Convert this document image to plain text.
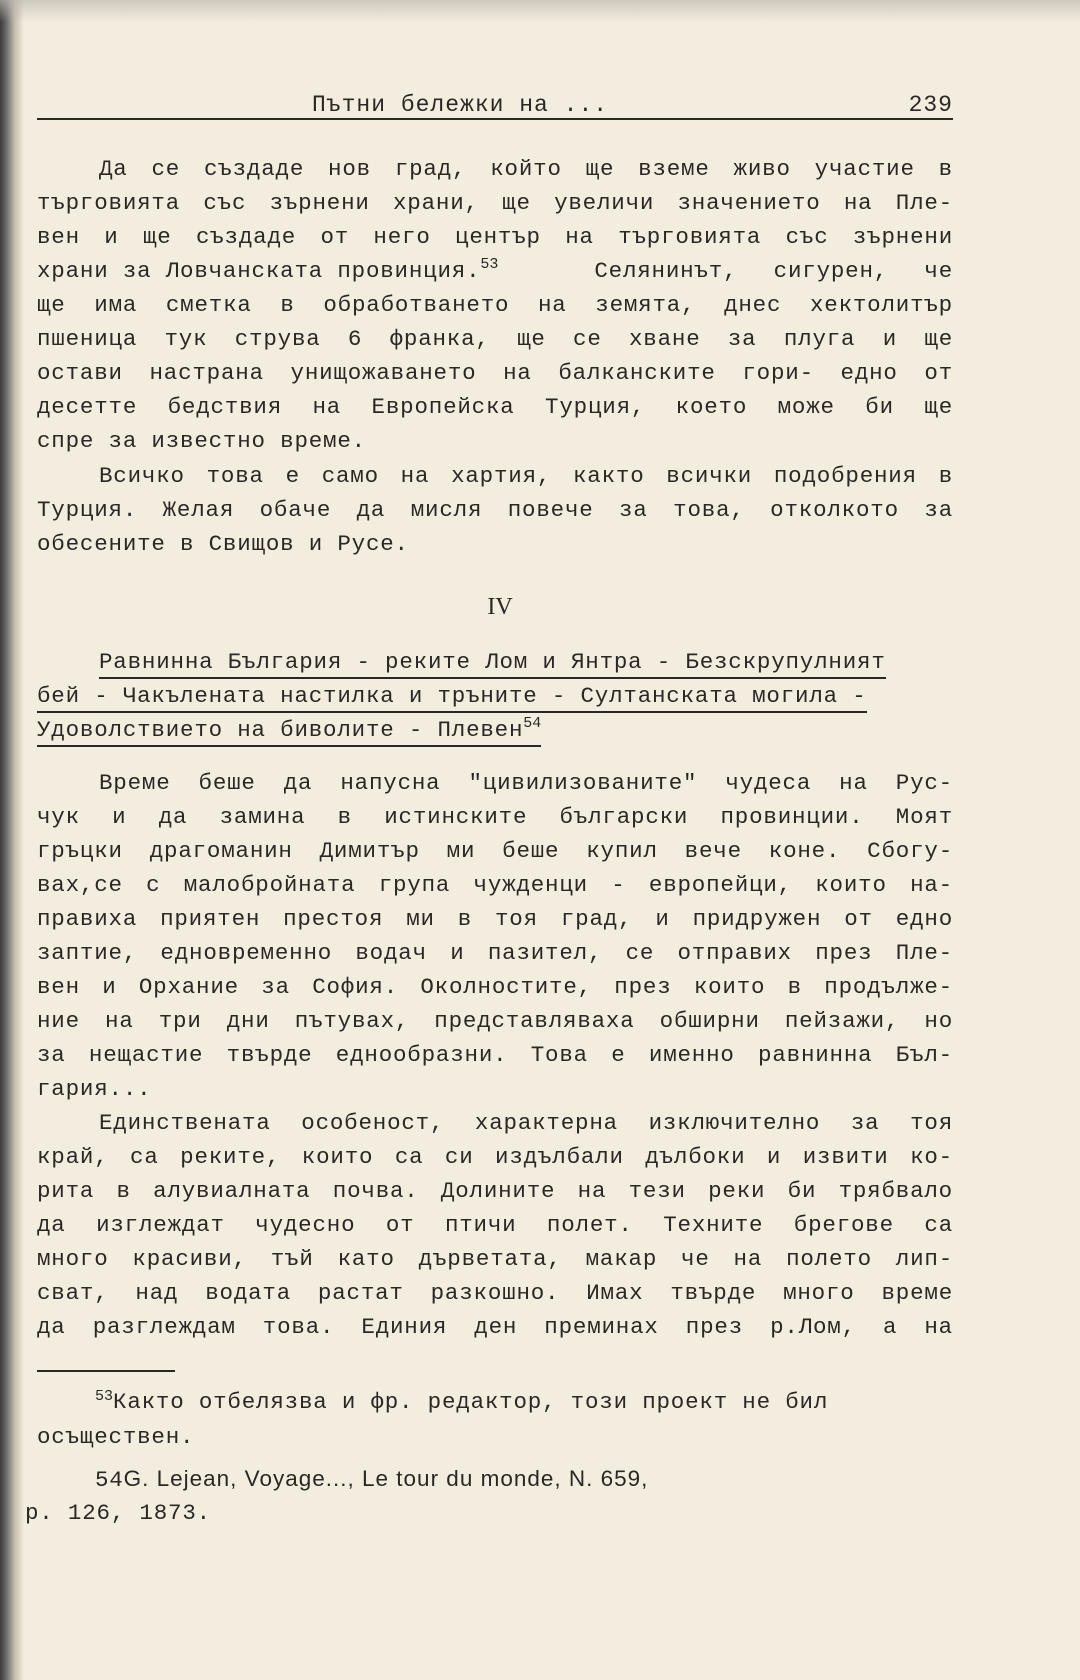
Пътни бележки на ...	239
Да се създаде нов град, който ще вземе живо участие в
търговията със зърнени храни, ще увеличи значението на Пле-
вен и ще създаде от него център на търговията със зърнени
храни за Ловчанската провинция.$^{53}$	Селянинът, сигурен, че
ще има сметка в обработването на земята, днес хектолитър
пшеница тук струва 6 франка, ще се хване за плуга и ще
остави настрана унищожаването на балканските гори- едно от
десетте бедствия на Европейска Турция, което може би ще
спре за известно време.
Всичко това е само на хартия, както всички подобрения в
Турция. Желая обаче да мисля повече за това, отколкото за
обесените в Свищов и Русе.
IV
Равнинна България - реките Лом и Янтра - Безскрупулният
бей - Чакълената настилка и тръните - Султанската могила -
Удоволствието на биволите - Плевен$^{54}$
Време беше да напусна "цивилизованите" чудеса на Рус-
чук и да замина в истинските български провинции. Моят
гръцки драгоманин Димитър ми беше купил вече коне. Сбогу-
вах,се с малобройната група чужденци - европейци, които на-
правиха приятен престоя ми в тоя град, и придружен от едно
заптие, едновременно водач и пазител, се отправих през Пле-
вен и Орхание за София. Околностите, през които в продълже-
ние на три дни пътувах, представляваха обширни пейзажи, но
за нещастие твърде еднообразни. Това е именно равнинна Бъл-
гария...
Единствената особеност, характерна изключително за тоя
край, са реките, които са си издълбали дълбоки и извити ко-
рита в алувиалната почва. Долините на тези реки би трябвало
да изглеждат чудесно от птичи полет. Техните брегове са
много красиви, тъй като дърветата, макар че на полето лип-
сват, над водата растат разкошно. Имах твърде много време
да разглеждам това. Единия ден преминах през р.Лом, а на
$^{53}$Както отбелязва и фр. редактор, този проект не бил
осъществен.
54G. Lejean, Voyage..., Le tour du monde, N. 659,
p. 126, 1873.
